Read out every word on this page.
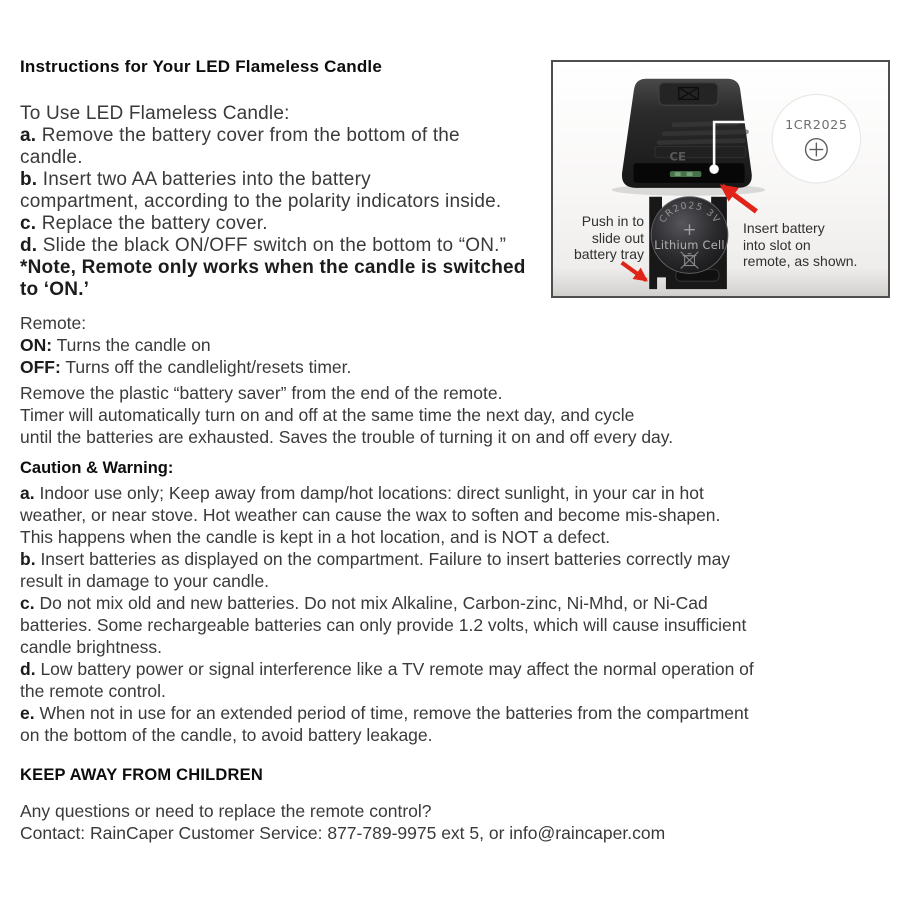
Instructions for Your LED Flameless Candle
To Use LED Flameless Candle:
a. Remove the battery cover from the bottom of the
candle.
b. Insert two AA batteries into the battery
compartment, according to the polarity indicators inside.
c. Replace the battery cover.
d. Slide the black ON/OFF switch on the bottom to “ON.”
*Note, Remote only works when the candle is switched
to ‘ON.’
Remote:
ON: Turns the candle on
OFF: Turns off the candlelight/resets timer.
Remove the plastic “battery saver” from the end of the remote.
Timer will automatically turn on and off at the same time the next day, and cycle
until the batteries are exhausted. Saves the trouble of turning it on and off every day.
Caution & Warning:
a. Indoor use only; Keep away from damp/hot locations: direct sunlight, in your car in hot
weather, or near stove. Hot weather can cause the wax to soften and become mis-shapen.
This happens when the candle is kept in a hot location, and is NOT a defect.
b. Insert batteries as displayed on the compartment. Failure to insert batteries correctly may
result in damage to your candle.
c. Do not mix old and new batteries. Do not mix Alkaline, Carbon-zinc, Ni-Mhd, or Ni-Cad
batteries. Some rechargeable batteries can only provide 1.2 volts, which will cause insufficient
candle brightness.
d. Low battery power or signal interference like a TV remote may affect the normal operation of
the remote control.
e. When not in use for an extended period of time, remove the batteries from the compartment
on the bottom of the candle, to avoid battery leakage.
KEEP AWAY FROM CHILDREN
Any questions or need to replace the remote control?
Contact: RainCaper Customer Service: 877-789-9975 ext 5, or info@raincaper.com
CE
CR2025 3V
+
Lithium Cell
1CR2025
Push in to
slide out
battery tray
Insert battery
into slot on
remote, as shown.
